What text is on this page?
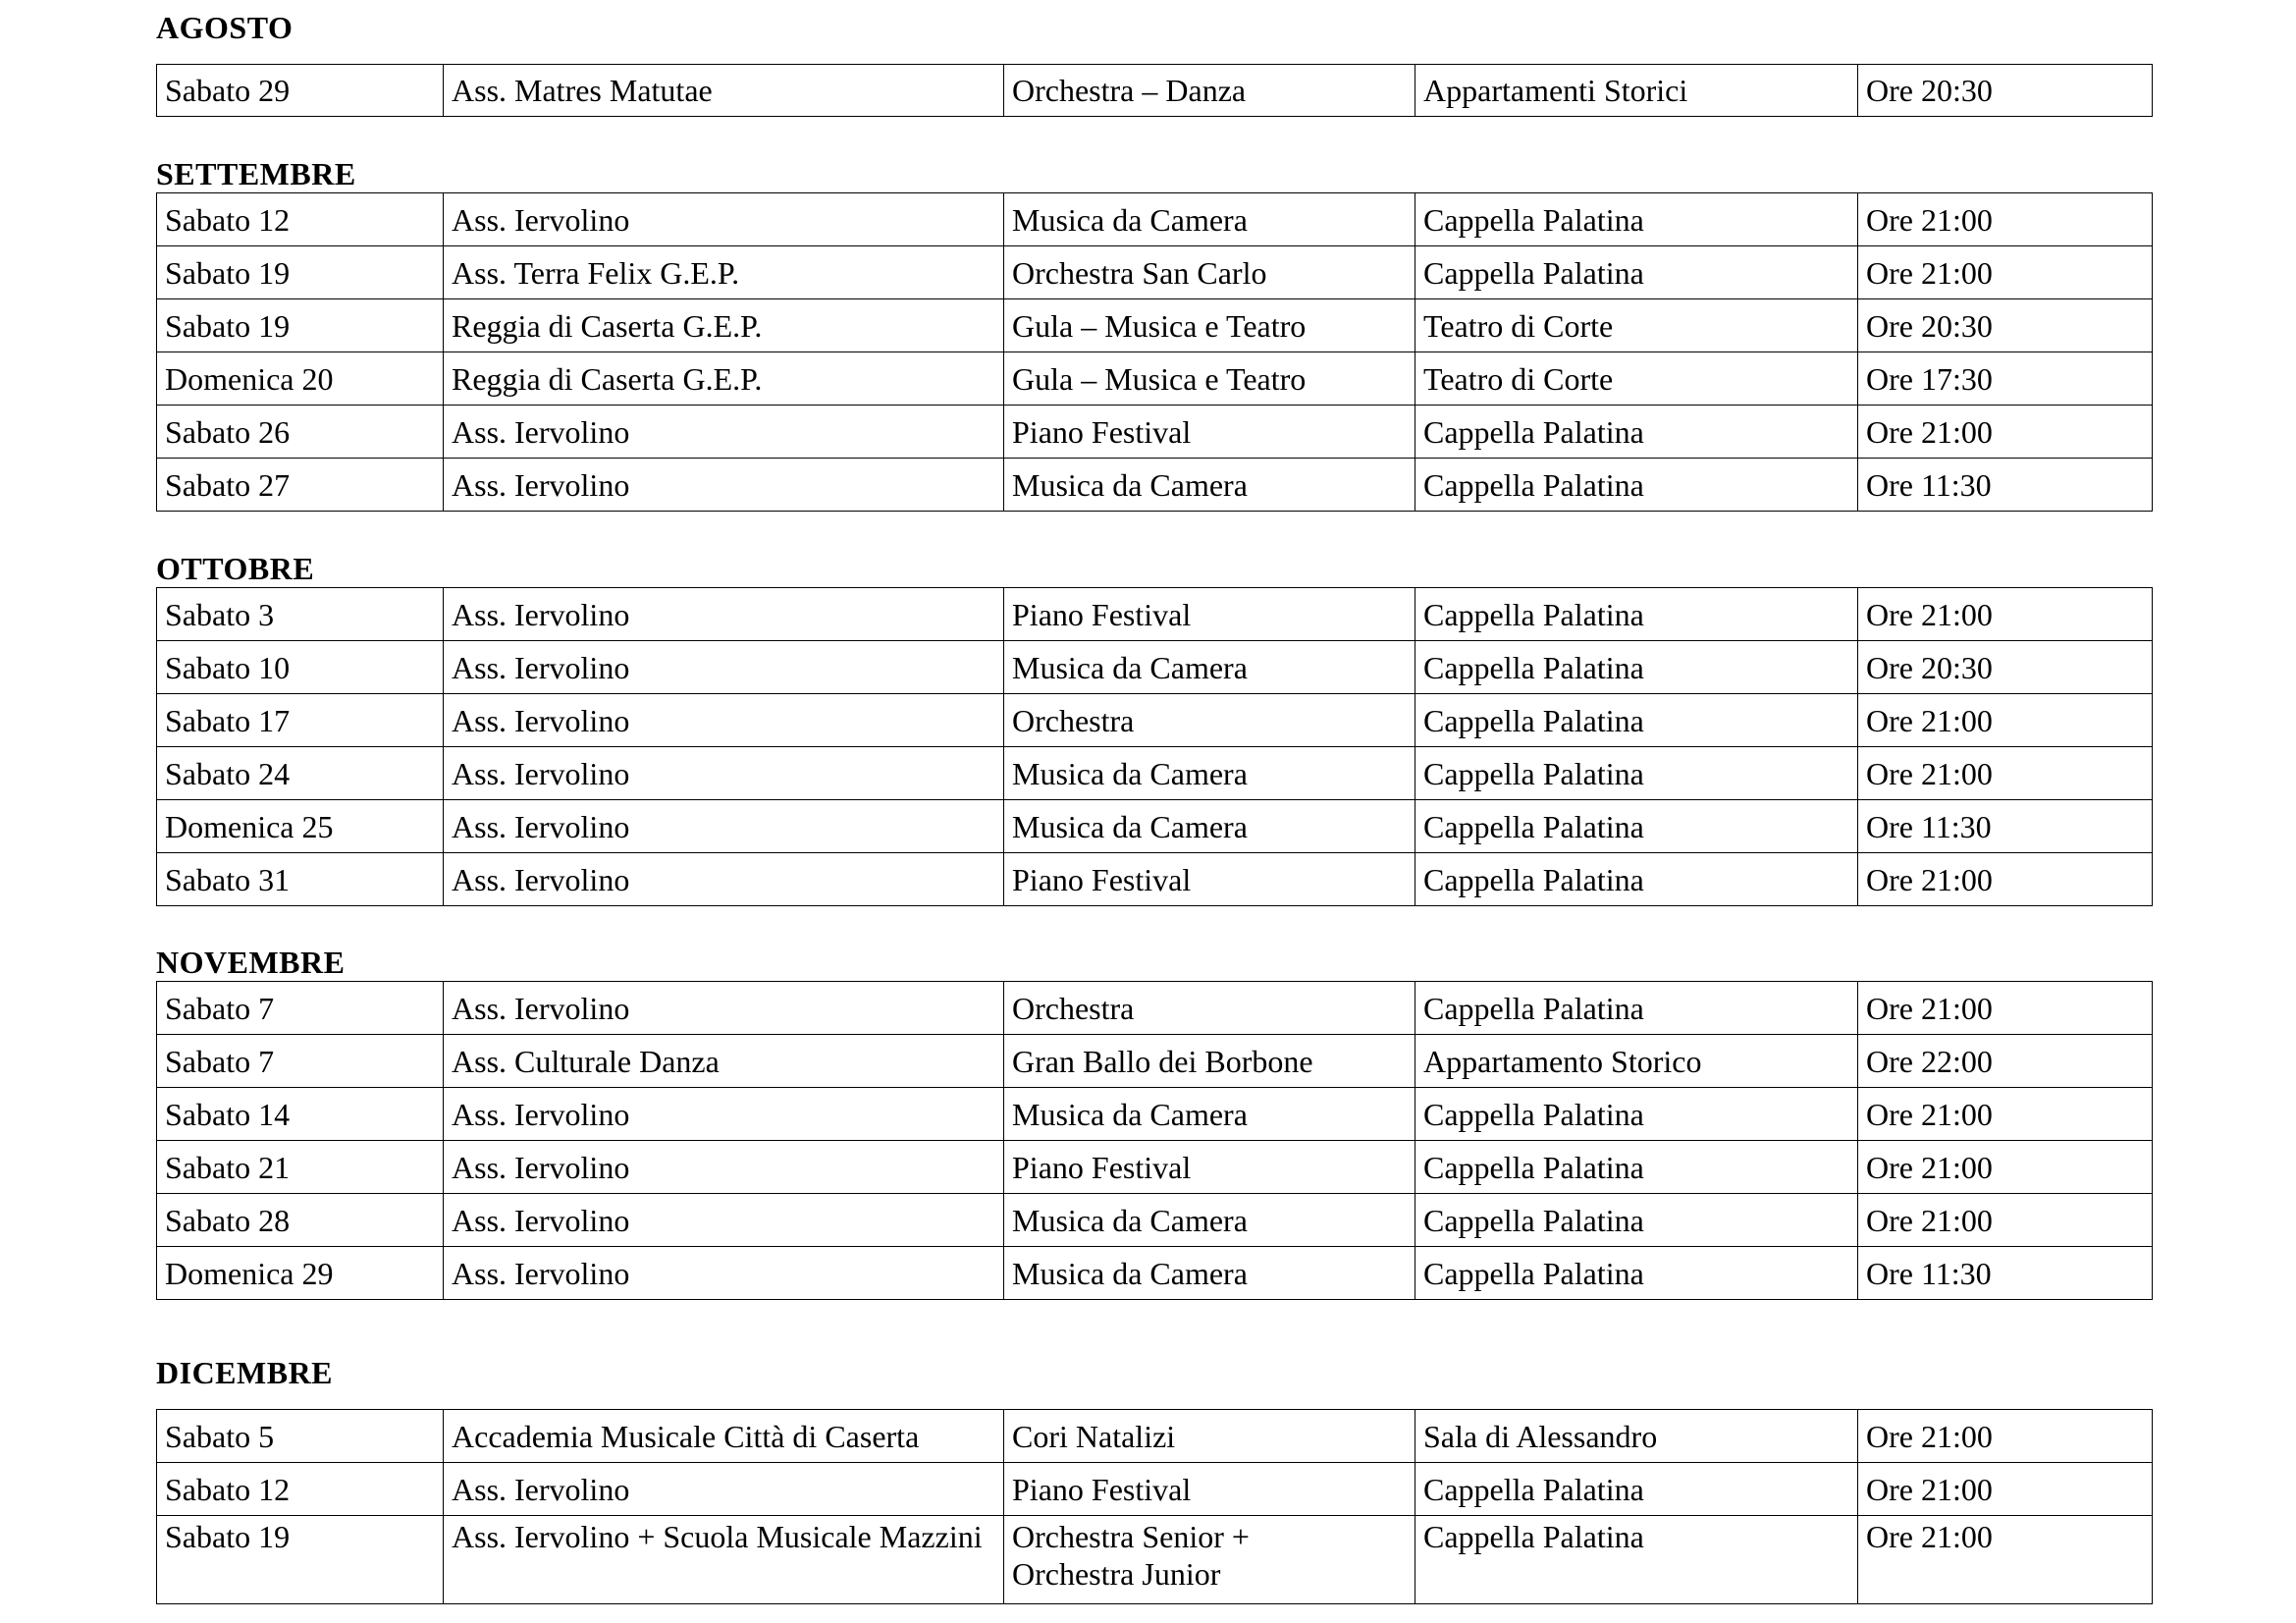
AGOSTO
Sabato 29	Ass. Matres Matutae	Orchestra – Danza	Appartamenti Storici	Ore 20:30
SETTEMBRE
Sabato 12	Ass. Iervolino	Musica da Camera	Cappella Palatina	Ore 21:00
Sabato 19	Ass. Terra Felix G.E.P.	Orchestra San Carlo	Cappella Palatina	Ore 21:00
Sabato 19	Reggia di Caserta G.E.P.	Gula – Musica e Teatro	Teatro di Corte	Ore 20:30
Domenica 20	Reggia di Caserta G.E.P.	Gula – Musica e Teatro	Teatro di Corte	Ore 17:30
Sabato 26	Ass. Iervolino	Piano Festival	Cappella Palatina	Ore 21:00
Sabato 27	Ass. Iervolino	Musica da Camera	Cappella Palatina	Ore 11:30
OTTOBRE
Sabato 3	Ass. Iervolino	Piano Festival	Cappella Palatina	Ore 21:00
Sabato 10	Ass. Iervolino	Musica da Camera	Cappella Palatina	Ore 20:30
Sabato 17	Ass. Iervolino	Orchestra	Cappella Palatina	Ore 21:00
Sabato 24	Ass. Iervolino	Musica da Camera	Cappella Palatina	Ore 21:00
Domenica 25	Ass. Iervolino	Musica da Camera	Cappella Palatina	Ore 11:30
Sabato 31	Ass. Iervolino	Piano Festival	Cappella Palatina	Ore 21:00
NOVEMBRE
Sabato 7	Ass. Iervolino	Orchestra	Cappella Palatina	Ore 21:00
Sabato 7	Ass. Culturale Danza	Gran Ballo dei Borbone	Appartamento Storico	Ore 22:00
Sabato 14	Ass. Iervolino	Musica da Camera	Cappella Palatina	Ore 21:00
Sabato 21	Ass. Iervolino	Piano Festival	Cappella Palatina	Ore 21:00
Sabato 28	Ass. Iervolino	Musica da Camera	Cappella Palatina	Ore 21:00
Domenica 29	Ass. Iervolino	Musica da Camera	Cappella Palatina	Ore 11:30
DICEMBRE
Sabato 5	Accademia Musicale Città di Caserta	Cori Natalizi	Sala di Alessandro	Ore 21:00
Sabato 12	Ass. Iervolino	Piano Festival	Cappella Palatina	Ore 21:00
Sabato 19	Ass. Iervolino + Scuola Musicale Mazzini	Orchestra Senior + Orchestra Junior	Cappella Palatina	Ore 21:00
